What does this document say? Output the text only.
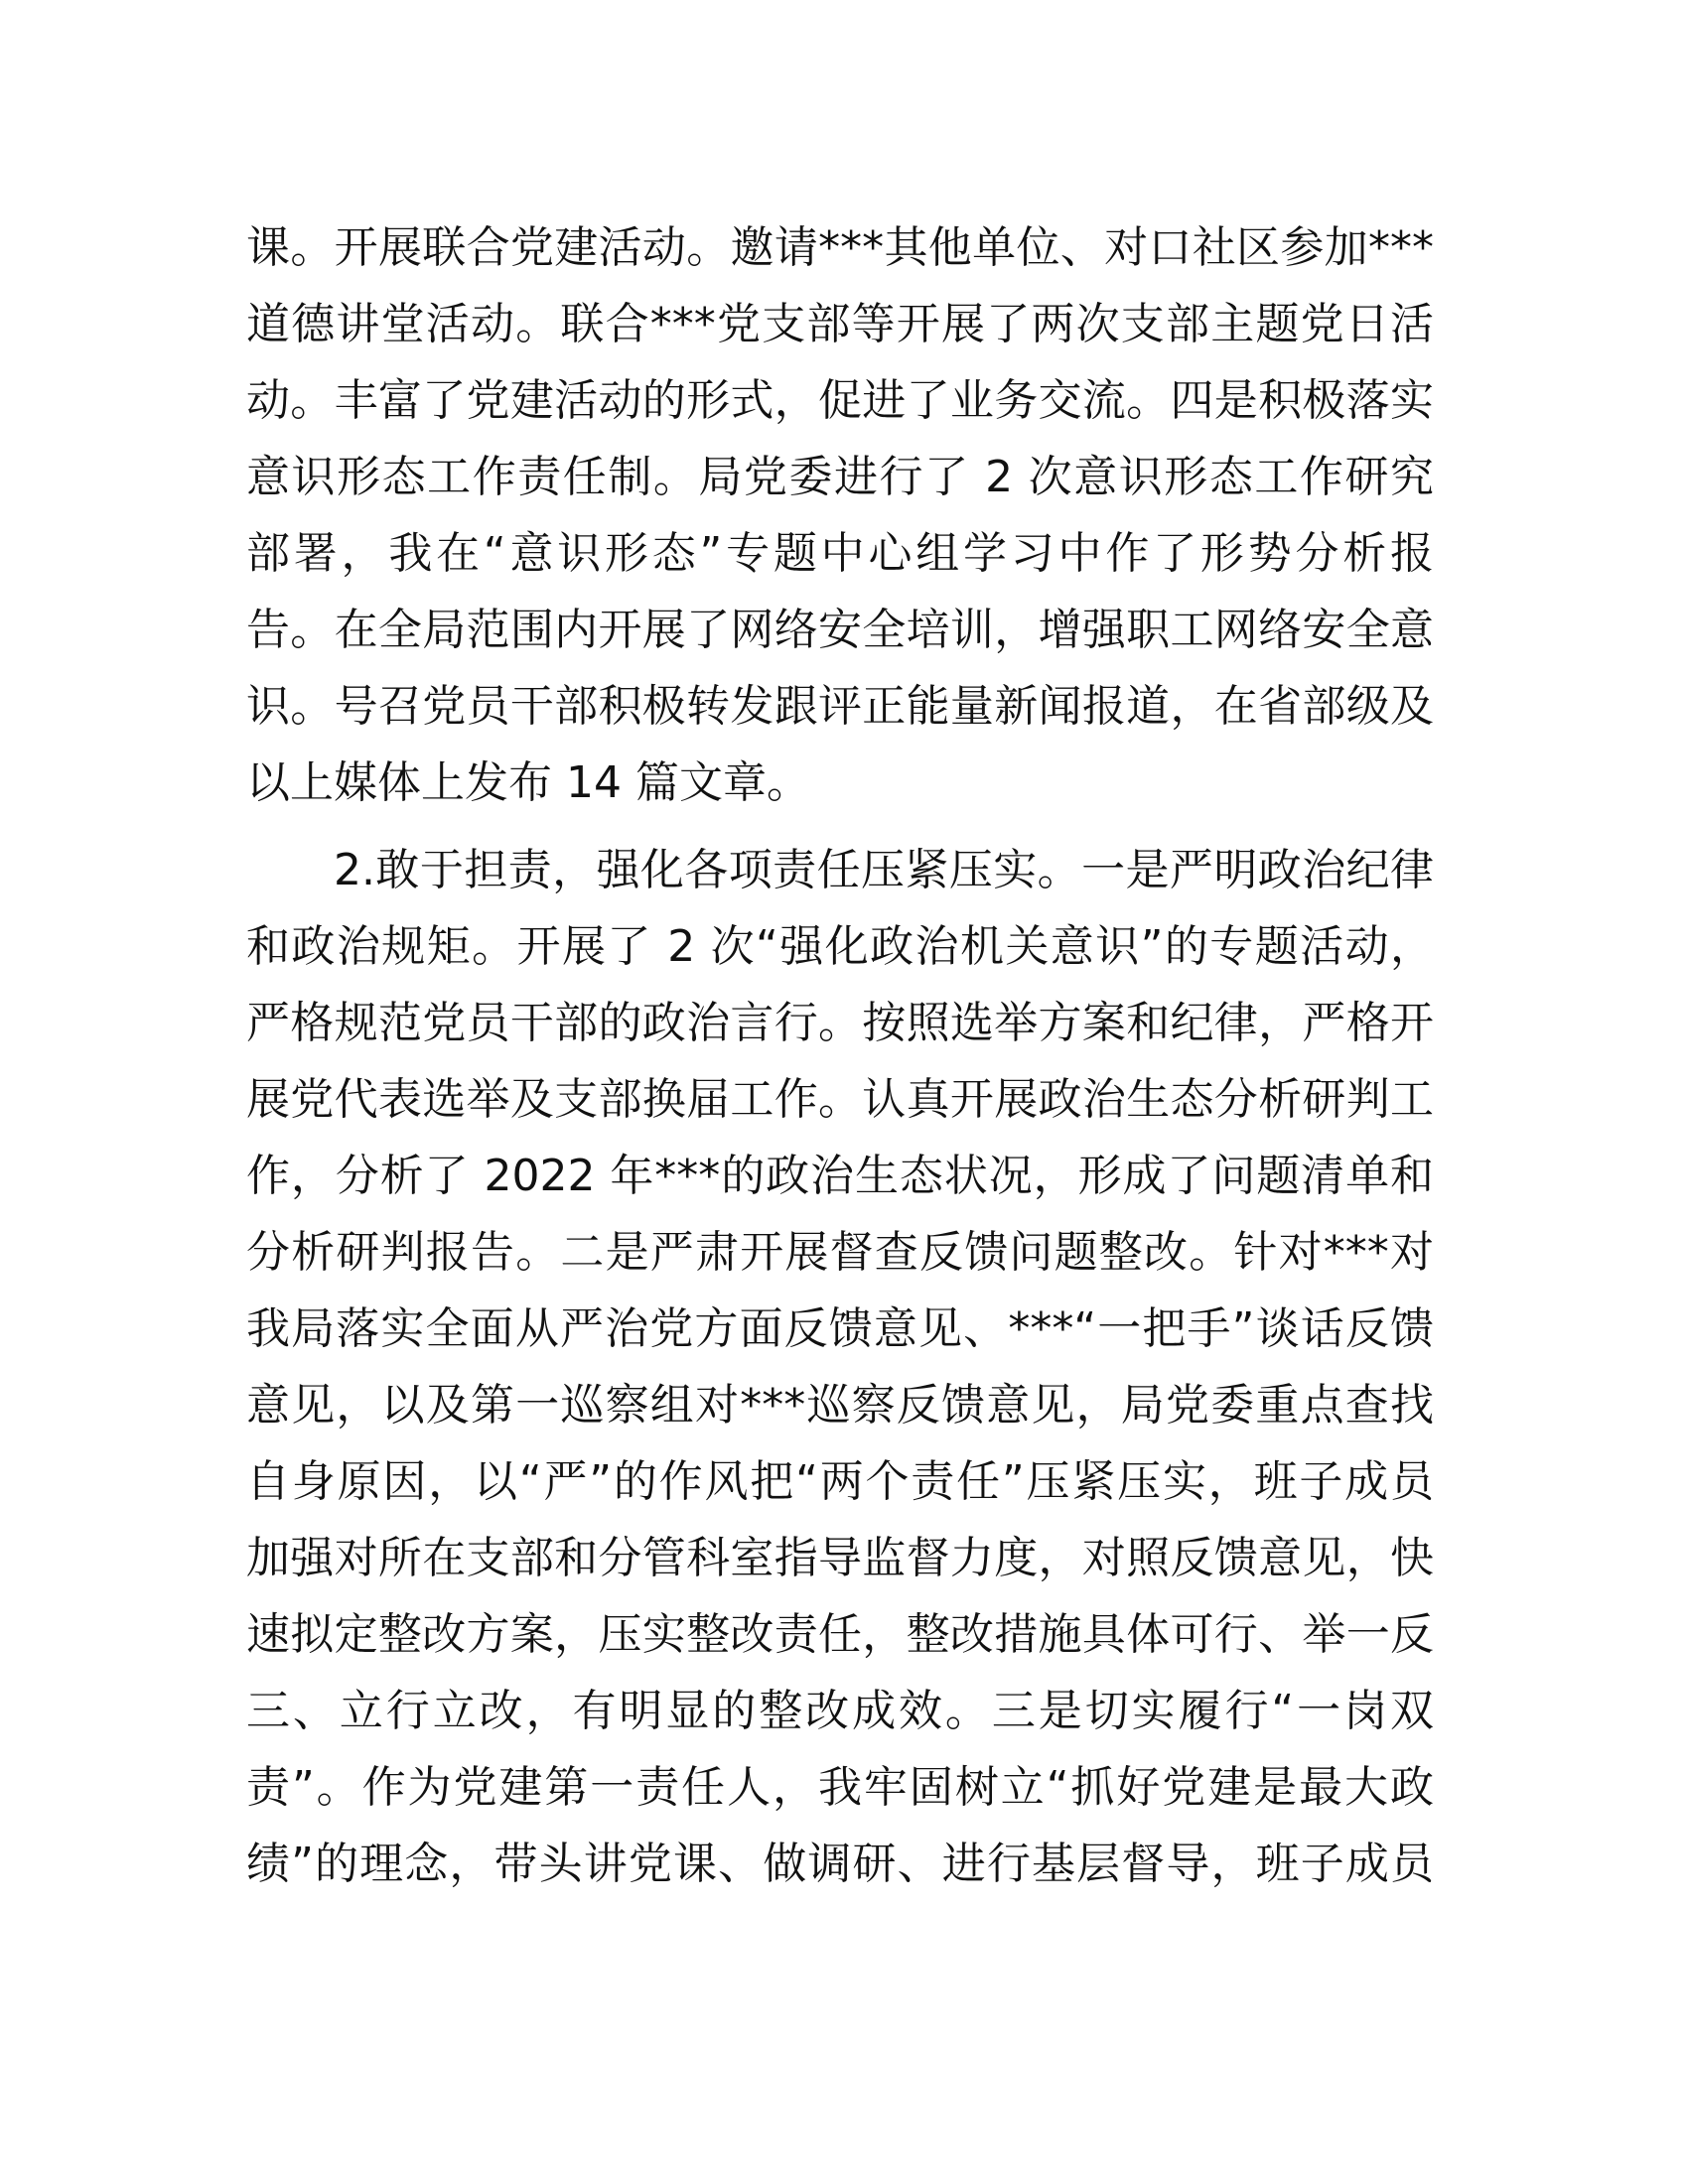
课。开展联合党建活动。邀请***其他单位、对口社区参加***
道德讲堂活动。联合***党支部等开展了两次支部主题党日活
动。丰富了党建活动的形式，促进了业务交流。四是积极落实
意识形态工作责任制。局党委进行了 2 次意识形态工作研究
部署，我在“意识形态”专题中心组学习中作了形势分析报
告。在全局范围内开展了网络安全培训，增强职工网络安全意
识。号召党员干部积极转发跟评正能量新闻报道，在省部级及
以上媒体上发布 14 篇文章。
2.敢于担责，强化各项责任压紧压实。一是严明政治纪律
和政治规矩。开展了 2 次“强化政治机关意识”的专题活动，
严格规范党员干部的政治言行。按照选举方案和纪律，严格开
展党代表选举及支部换届工作。认真开展政治生态分析研判工
作，分析了 2022 年***的政治生态状况，形成了问题清单和
分析研判报告。二是严肃开展督查反馈问题整改。针对***对
我局落实全面从严治党方面反馈意见、***“一把手”谈话反馈
意见，以及第一巡察组对***巡察反馈意见，局党委重点查找
自身原因，以“严”的作风把“两个责任”压紧压实，班子成员
加强对所在支部和分管科室指导监督力度，对照反馈意见，快
速拟定整改方案，压实整改责任，整改措施具体可行、举一反
三、立行立改，有明显的整改成效。三是切实履行“一岗双
责”。作为党建第一责任人，我牢固树立“抓好党建是最大政
绩”的理念，带头讲党课、做调研、进行基层督导，班子成员
